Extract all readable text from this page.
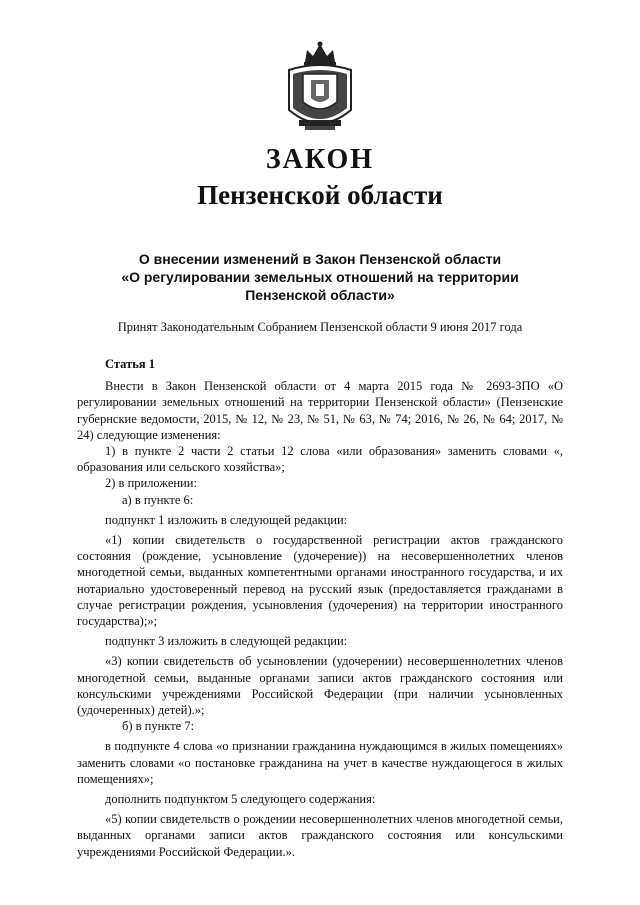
ЗАКОН
Пензенской области
О внесении изменений в Закон Пензенской области
«О регулировании земельных отношений на территории
Пензенской области»

Принят Законодательным Собранием Пензенской области 9 июня 2017 года

Статья 1

Внести в Закон Пензенской области от 4 марта 2015 года № 2693-ЗПО «О регулировании земельных отношений на территории Пензенской области» (Пензенские губернские ведомости, 2015, № 12, № 23, № 51, № 63, № 74; 2016, № 26, № 64; 2017, № 24) следующие изменения:

1) в пункте 2 части 2 статьи 12 слова «или образования» заменить словами «, образования или сельского хозяйства»;

2) в приложении:

а) в пункте 6:

подпункт 1 изложить в следующей редакции:

«1) копии свидетельств о государственной регистрации актов гражданского состояния (рождение, усыновление (удочерение)) на несовершеннолетних членов многодетной семьи, выданных компетентными органами иностранного государства, и их нотариально удостоверенный перевод на русский язык (предоставляется гражданами в случае регистрации рождения, усыновления (удочерения) на территории иностранного государства);»;

подпункт 3 изложить в следующей редакции:

«3) копии свидетельств об усыновлении (удочерении) несовершеннолетних членов многодетной семьи, выданные органами записи актов гражданского состояния или консульскими учреждениями Российской Федерации (при наличии усыновленных (удочеренных) детей).»;

б) в пункте 7:

в подпункте 4 слова «о признании гражданина нуждающимся в жилых помещениях» заменить словами «о постановке гражданина на учет в качестве нуждающегося в жилых помещениях»;

дополнить подпунктом 5 следующего содержания:

«5) копии свидетельств о рождении несовершеннолетних членов многодетной семьи, выданных органами записи актов гражданского состояния или консульскими учреждениями Российской Федерации.».
